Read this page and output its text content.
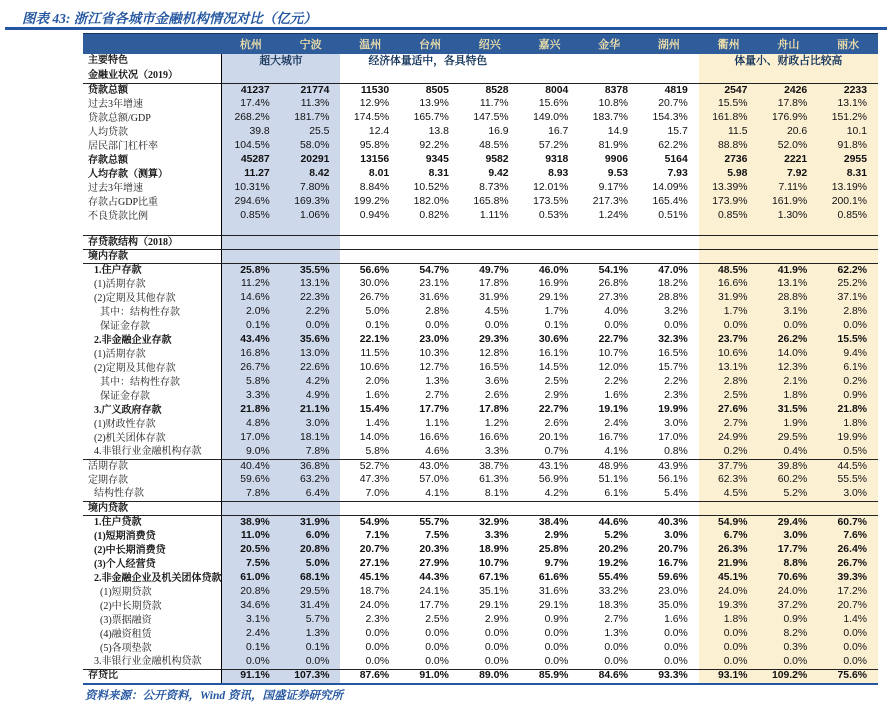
图表 43: 浙江省各城市金融机构情况对比（亿元）
	杭州	宁波	温州	台州	绍兴	嘉兴	金华	湖州	衢州	舟山	丽水
主要特色	超大城市		经济体量适中，各具特色						体量小、财政占比较高		
金融业状况（2019）											
贷款总额	41237	21774	11530	8505	8528	8004	8378	4819	2547	2426	2233
过去3年增速	17.4%	11.3%	12.9%	13.9%	11.7%	15.6%	10.8%	20.7%	15.5%	17.8%	13.1%
贷款总额/GDP	268.2%	181.7%	174.5%	165.7%	147.5%	149.0%	183.7%	154.3%	161.8%	176.9%	151.2%
人均贷款	39.8	25.5	12.4	13.8	16.9	16.7	14.9	15.7	11.5	20.6	10.1
居民部门杠杆率	104.5%	58.0%	95.8%	92.2%	48.5%	57.2%	81.9%	62.2%	88.8%	52.0%	91.8%
存款总额	45287	20291	13156	9345	9582	9318	9906	5164	2736	2221	2955
人均存款（测算）	11.27	8.42	8.01	8.31	9.42	8.93	9.53	7.93	5.98	7.92	8.31
过去3年增速	10.31%	7.80%	8.84%	10.52%	8.73%	12.01%	9.17%	14.09%	13.39%	7.11%	13.19%
存款占GDP比重	294.6%	169.3%	199.2%	182.0%	165.8%	173.5%	217.3%	165.4%	173.9%	161.9%	200.1%
不良贷款比例	0.85%	1.06%	0.94%	0.82%	1.11%	0.53%	1.24%	0.51%	0.85%	1.30%	0.85%

存贷款结构（2018）											
境内存款											
1.住户存款	25.8%	35.5%	56.6%	54.7%	49.7%	46.0%	54.1%	47.0%	48.5%	41.9%	62.2%
(1)活期存款	11.2%	13.1%	30.0%	23.1%	17.8%	16.9%	26.8%	18.2%	16.6%	13.1%	25.2%
(2)定期及其他存款	14.6%	22.3%	26.7%	31.6%	31.9%	29.1%	27.3%	28.8%	31.9%	28.8%	37.1%
其中：结构性存款	2.0%	2.2%	5.0%	2.8%	4.5%	1.7%	4.0%	3.2%	1.7%	3.1%	2.8%
保证金存款	0.1%	0.0%	0.1%	0.0%	0.0%	0.1%	0.0%	0.0%	0.0%	0.0%	0.0%
2.非金融企业存款	43.4%	35.6%	22.1%	23.0%	29.3%	30.6%	22.7%	32.3%	23.7%	26.2%	15.5%
(1)活期存款	16.8%	13.0%	11.5%	10.3%	12.8%	16.1%	10.7%	16.5%	10.6%	14.0%	9.4%
(2)定期及其他存款	26.7%	22.6%	10.6%	12.7%	16.5%	14.5%	12.0%	15.7%	13.1%	12.3%	6.1%
其中：结构性存款	5.8%	4.2%	2.0%	1.3%	3.6%	2.5%	2.2%	2.2%	2.8%	2.1%	0.2%
保证金存款	3.3%	4.9%	1.6%	2.7%	2.6%	2.9%	1.6%	2.3%	2.5%	1.8%	0.9%
3.广义政府存款	21.8%	21.1%	15.4%	17.7%	17.8%	22.7%	19.1%	19.9%	27.6%	31.5%	21.8%
(1)财政性存款	4.8%	3.0%	1.4%	1.1%	1.2%	2.6%	2.4%	3.0%	2.7%	1.9%	1.8%
(2)机关团体存款	17.0%	18.1%	14.0%	16.6%	16.6%	20.1%	16.7%	17.0%	24.9%	29.5%	19.9%
4.非银行业金融机构存款	9.0%	7.8%	5.8%	4.6%	3.3%	0.7%	4.1%	0.8%	0.2%	0.4%	0.5%
活期存款	40.4%	36.8%	52.7%	43.0%	38.7%	43.1%	48.9%	43.9%	37.7%	39.8%	44.5%
定期存款	59.6%	63.2%	47.3%	57.0%	61.3%	56.9%	51.1%	56.1%	62.3%	60.2%	55.5%
结构性存款	7.8%	6.4%	7.0%	4.1%	8.1%	4.2%	6.1%	5.4%	4.5%	5.2%	3.0%
境内贷款											
1.住户贷款	38.9%	31.9%	54.9%	55.7%	32.9%	38.4%	44.6%	40.3%	54.9%	29.4%	60.7%
(1)短期消费贷	11.0%	6.0%	7.1%	7.5%	3.3%	2.9%	5.2%	3.0%	6.7%	3.0%	7.6%
(2)中长期消费贷	20.5%	20.8%	20.7%	20.3%	18.9%	25.8%	20.2%	20.7%	26.3%	17.7%	26.4%
(3)个人经营贷	7.5%	5.0%	27.1%	27.9%	10.7%	9.7%	19.2%	16.7%	21.9%	8.8%	26.7%
2.非金融企业及机关团体贷款	61.0%	68.1%	45.1%	44.3%	67.1%	61.6%	55.4%	59.6%	45.1%	70.6%	39.3%
(1)短期贷款	20.8%	29.5%	18.7%	24.1%	35.1%	31.6%	33.2%	23.0%	24.0%	24.0%	17.2%
(2)中长期贷款	34.6%	31.4%	24.0%	17.7%	29.1%	29.1%	18.3%	35.0%	19.3%	37.2%	20.7%
(3)票据融资	3.1%	5.7%	2.3%	2.5%	2.9%	0.9%	2.7%	1.6%	1.8%	0.9%	1.4%
(4)融资租赁	2.4%	1.3%	0.0%	0.0%	0.0%	0.0%	1.3%	0.0%	0.0%	8.2%	0.0%
(5)各项垫款	0.1%	0.1%	0.0%	0.0%	0.0%	0.0%	0.0%	0.0%	0.0%	0.3%	0.0%
3.非银行业金融机构贷款	0.0%	0.0%	0.0%	0.0%	0.0%	0.0%	0.0%	0.0%	0.0%	0.0%	0.0%
存贷比	91.1%	107.3%	87.6%	91.0%	89.0%	85.9%	84.6%	93.3%	93.1%	109.2%	75.6%
资料来源：公开资料，Wind 资讯，国盛证券研究所
